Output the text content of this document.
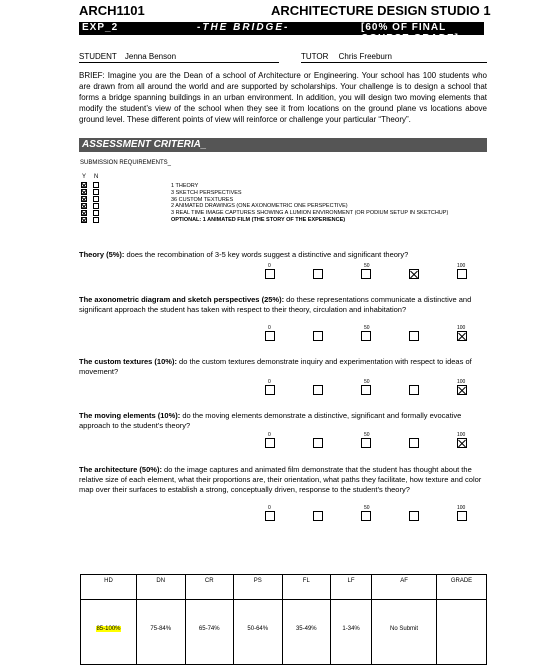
ARCH1101	ARCHITECTURE DESIGN STUDIO 1
EXP_2	-THE BRIDGE-	[60% OF FINAL COURSE GRADE]
STUDENT Jenna Benson	TUTOR Chris Freeburn
BRIEF: Imagine you are the Dean of a school of Architecture or Engineering. Your school has 100 students who are drawn from all around the world and are supported by scholarships. Your challenge is to design a school that forms a bridge spanning buildings in an urban environment. In addition, you will design two moving elements that modify the student’s view of the school when they see it from locations on the ground plane vs locations above ground level. These different points of view will reinforce or challenge your particular “Theory”.
ASSESSMENT CRITERIA_
SUBMISSION REQUIREMENTS_
Y N
1 THEORY
3 SKETCH PERSPECTIVES
36 CUSTOM TEXTURES
2 ANIMATED DRAWINGS (ONE AXONOMETRIC ONE PERSPECTIVE)
3 REAL TIME IMAGE CAPTURES SHOWING A LUMION ENVIRONMENT (OR PODIUM SETUP IN SKETCHUP)
OPTIONAL: 1 ANIMATED FILM (THE STORY OF THE EXPERIENCE)
Theory (5%): does the recombination of 3-5 key words suggest a distinctive and significant theory?
The axonometric diagram and sketch perspectives (25%): do these representations communicate a distinctive and significant approach the student has taken with respect to their theory, circulation and inhabitation?
The custom textures (10%): do the custom textures demonstrate inquiry and experimentation with respect to ideas of movement?
The moving elements (10%): do the moving elements demonstrate a distinctive, significant and formally evocative approach to the student’s theory?
The architecture (50%): do the image captures and animated film demonstrate that the student has thought about the relative size of each element, what their proportions are, their orientation, what paths they facilitate, how texture and color map over their surfaces to establish a strong, conceptually driven, response to the student’s theory?
0	50	100
0	50	100
0	50	100
0	50	100
0	50	100
HD	DN	CR	PS	FL	LF	AF	GRADE
85-100%	75-84%	65-74%	50-64%	35-49%	1-34%	No Submit	
